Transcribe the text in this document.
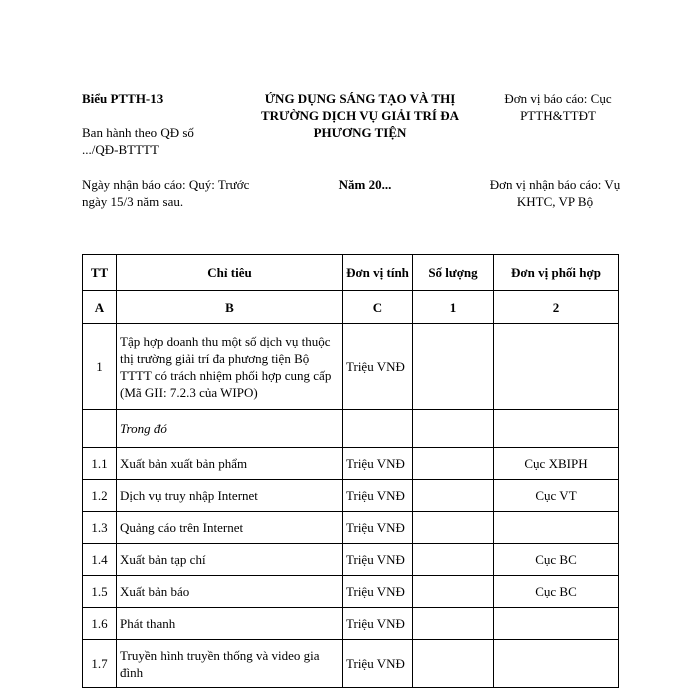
Biểu PTTH-13
Ban hành theo QĐ số .../QĐ-BTTTT
ỨNG DỤNG SÁNG TẠO VÀ THỊ TRƯỜNG DỊCH VỤ GIẢI TRÍ ĐA PHƯƠNG TIỆN
Đơn vị báo cáo: Cục PTTH&TTĐT
Ngày nhận báo cáo: Quý: Trước ngày 15/3 năm sau.
Năm 20...	Đơn vị nhận báo cáo: Vụ KHTC, VP Bộ
TT	Chỉ tiêu	Đơn vị tính	Số lượng	Đơn vị phối hợp
A	B	C	1	2
1	Tập hợp doanh thu một số dịch vụ thuộc thị trường giải trí đa phương tiện Bộ TTTT có trách nhiệm phối hợp cung cấp (Mã GII: 7.2.3 của WIPO)	Triệu VNĐ		
	Trong đó			
1.1	Xuất bản xuất bản phẩm	Triệu VNĐ		Cục XBIPH
1.2	Dịch vụ truy nhập Internet	Triệu VNĐ		Cục VT
1.3	Quảng cáo trên Internet	Triệu VNĐ		
1.4	Xuất bản tạp chí	Triệu VNĐ		Cục BC
1.5	Xuất bản báo	Triệu VNĐ		Cục BC
1.6	Phát thanh	Triệu VNĐ		
1.7	Truyền hình truyền thống và video gia đình	Triệu VNĐ		
